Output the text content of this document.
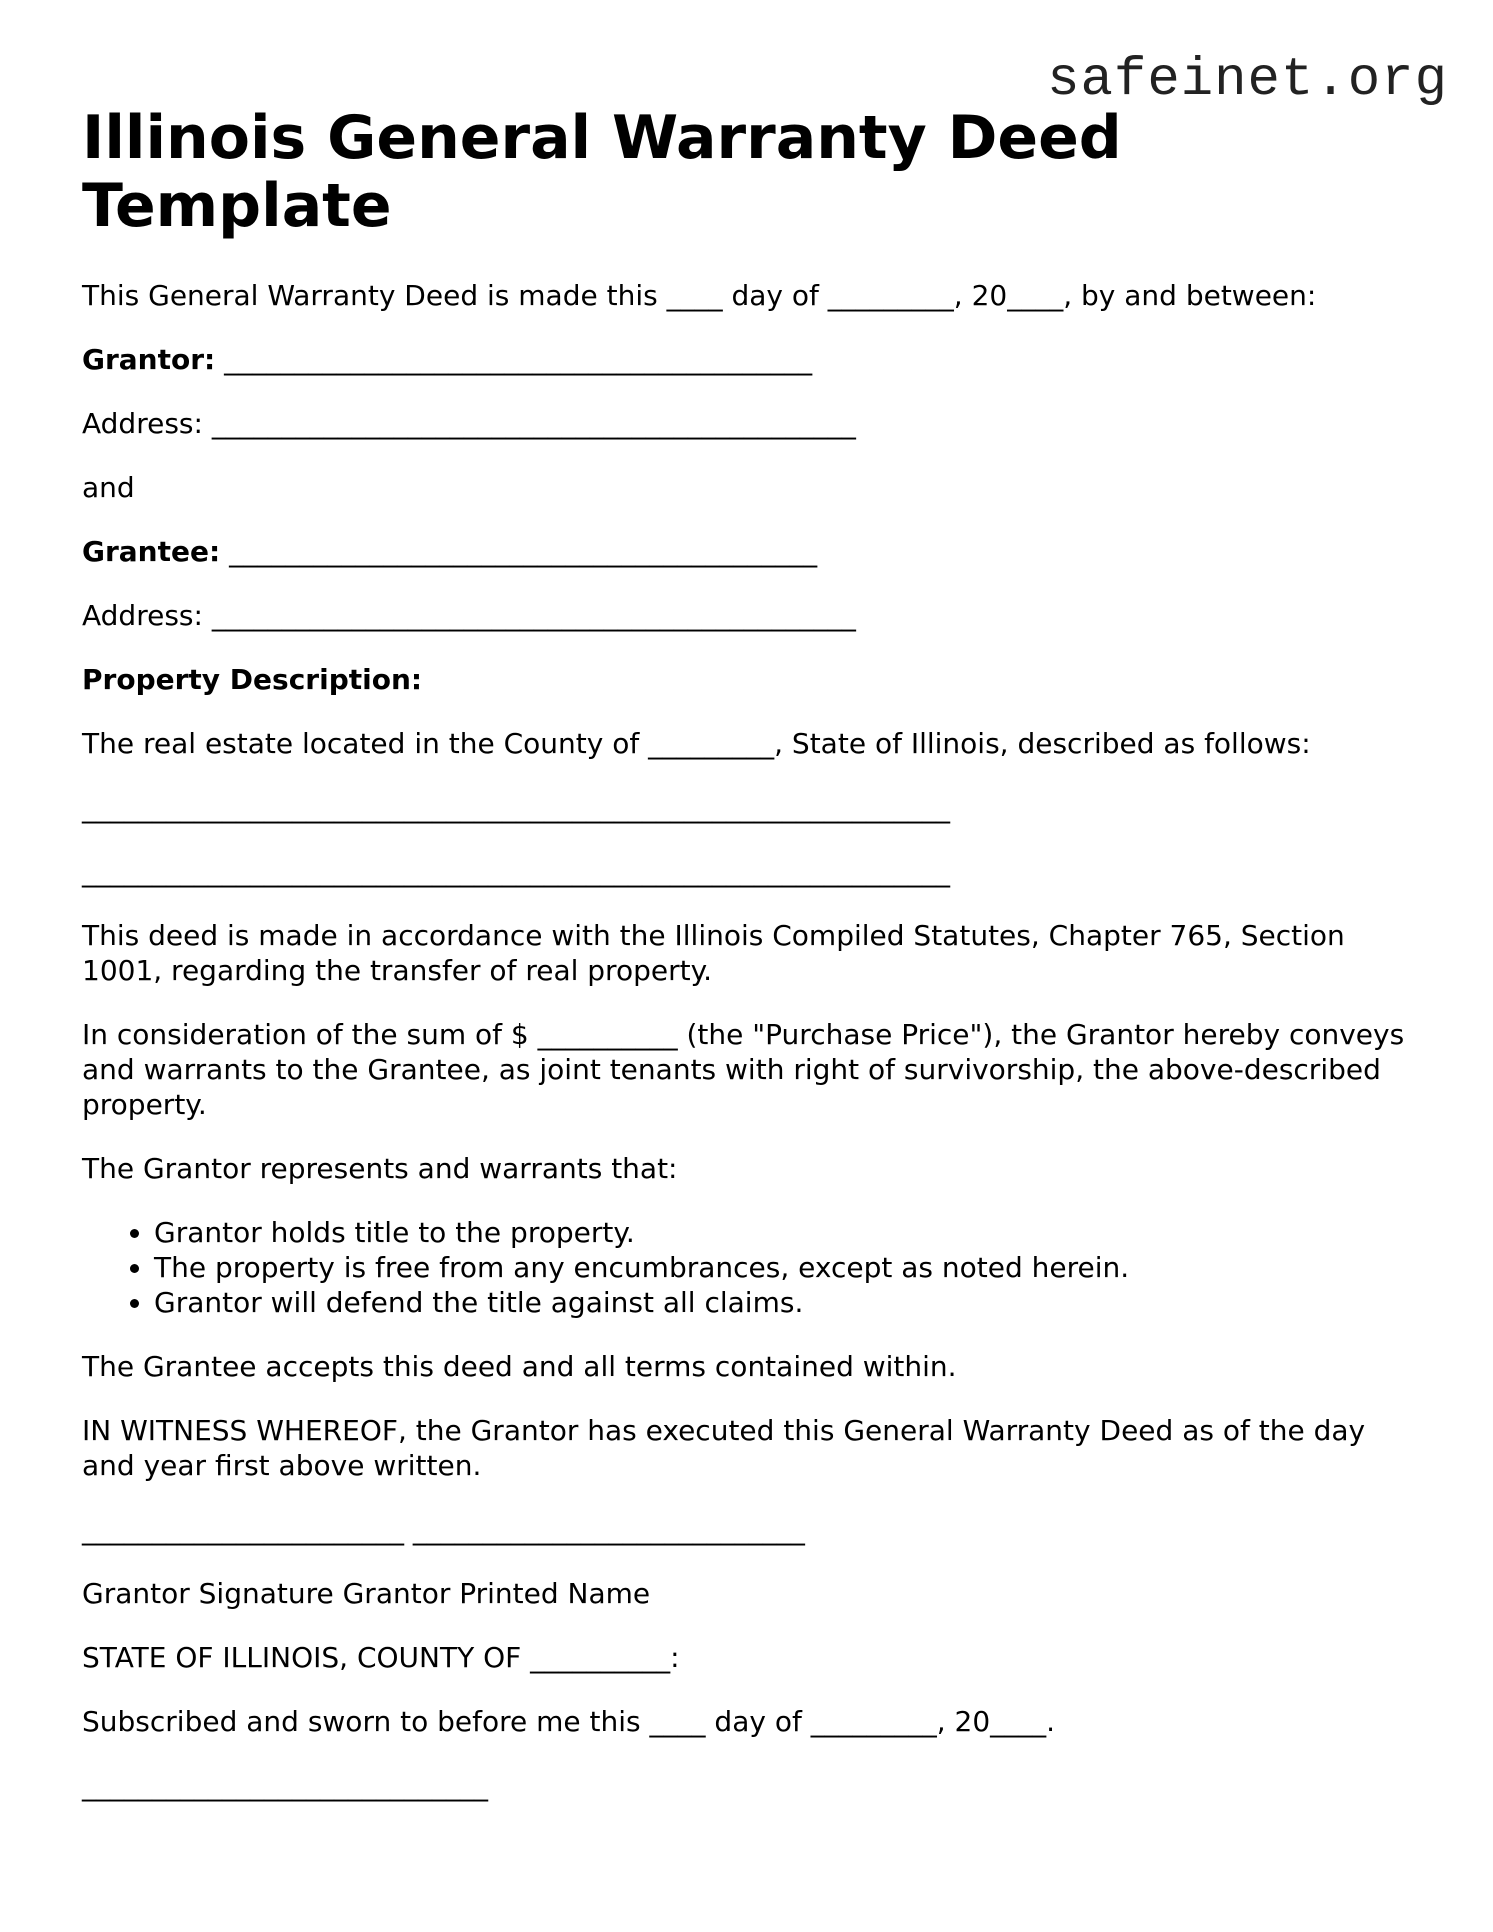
safeinet.org
Illinois General Warranty Deed Template

This General Warranty Deed is made this ____ day of _________, 20____, by and between:

Grantor: __________________________________________

Address: ______________________________________________

and

Grantee: __________________________________________

Address: ______________________________________________

Property Description:

The real estate located in the County of _________, State of Illinois, described as follows:

______________________________________________________________

______________________________________________________________

This deed is made in accordance with the Illinois Compiled Statutes, Chapter 765, Section 1001, regarding the transfer of real property.

In consideration of the sum of $ __________ (the "Purchase Price"), the Grantor hereby conveys and warrants to the Grantee, as joint tenants with right of survivorship, the above-described property.

The Grantor represents and warrants that:

• Grantor holds title to the property.
• The property is free from any encumbrances, except as noted herein.
• Grantor will defend the title against all claims.

The Grantee accepts this deed and all terms contained within.

IN WITNESS WHEREOF, the Grantor has executed this General Warranty Deed as of the day and year first above written.

_______________________ ____________________________

Grantor Signature Grantor Printed Name

STATE OF ILLINOIS, COUNTY OF __________:

Subscribed and sworn to before me this ____ day of _________, 20____.

_____________________________
